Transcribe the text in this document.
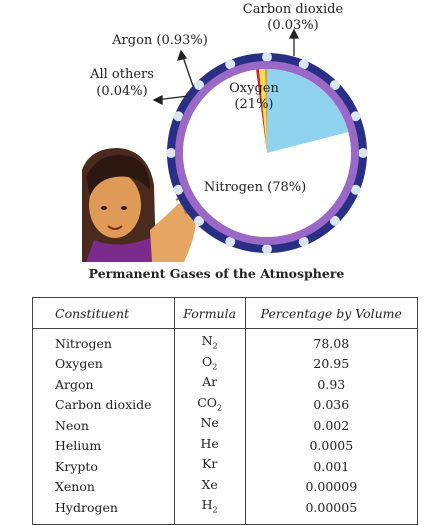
Carbon dioxide
(0.03%)
Argon (0.93%)
All others
(0.04%)	Oxygen
(21%)
Nitrogen (78%)
Permanent Gases of the Atmosphere
Constituent	Formula	Percentage by Volume
Nitrogen	$N_2$	78.08
Oxygen	$O_2$	20.95
Argon	Ar	0.93
Carbon dioxide	$CO_2$	0.036
Neon	Ne	0.002
Helium	He	0.0005
Krypto	Kr	0.001
Xenon	Xe	0.00009
Hydrogen	$H_2$	0.00005
